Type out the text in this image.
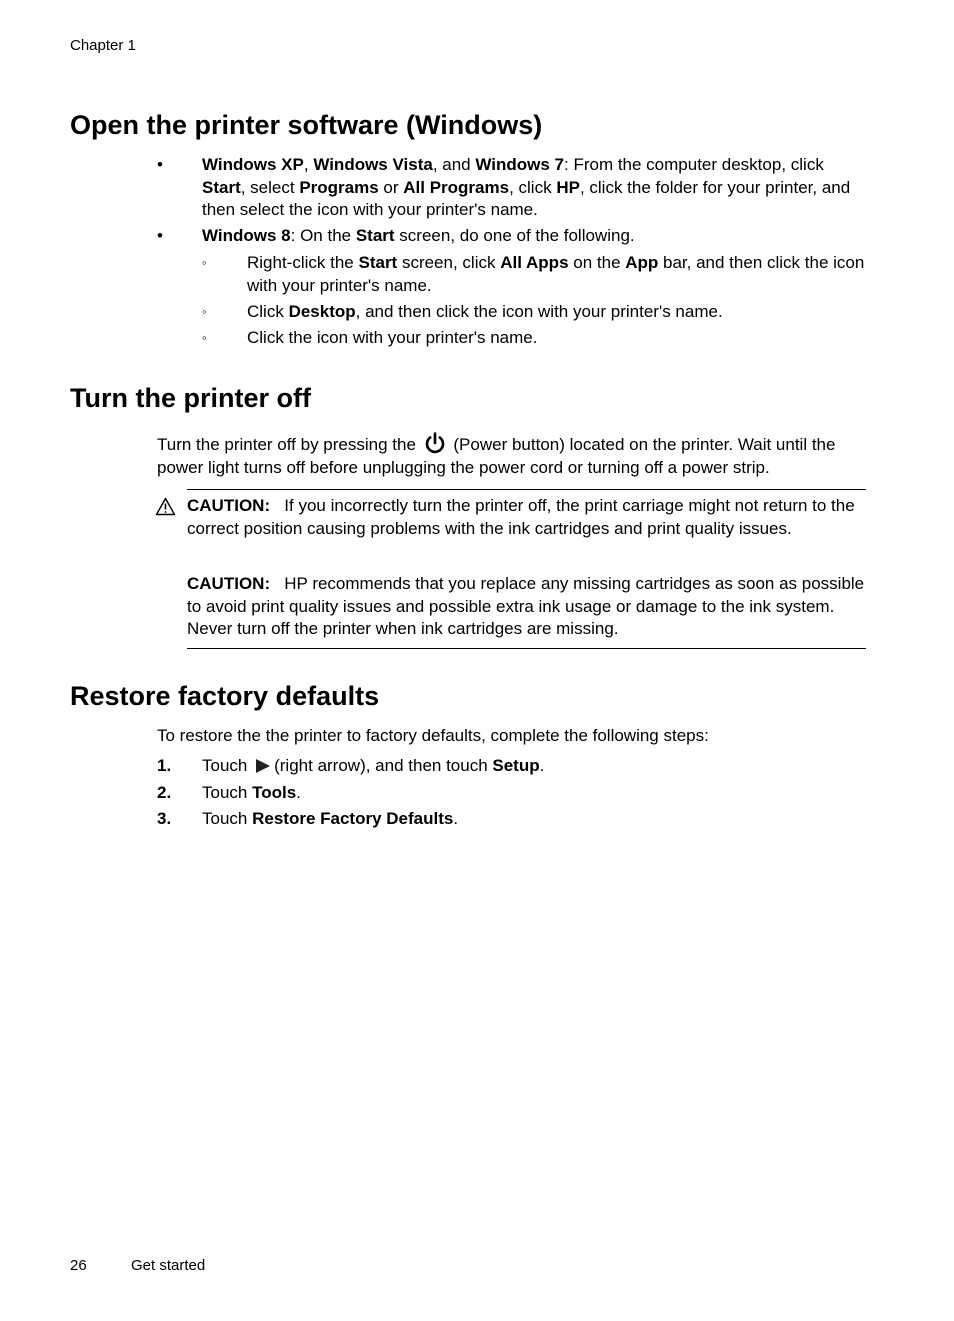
Chapter 1
Open the printer software (Windows)
• Windows XP, Windows Vista, and Windows 7: From the computer desktop, click Start, select Programs or All Programs, click HP, click the folder for your printer, and then select the icon with your printer's name.
• Windows 8: On the Start screen, do one of the following.
◦ Right-click the Start screen, click All Apps on the App bar, and then click the icon with your printer's name.
◦ Click Desktop, and then click the icon with your printer's name.
◦ Click the icon with your printer's name.
Turn the printer off
Turn the printer off by pressing the (Power button) located on the printer. Wait until the power light turns off before unplugging the power cord or turning off a power strip.
CAUTION: If you incorrectly turn the printer off, the print carriage might not return to the correct position causing problems with the ink cartridges and print quality issues.
CAUTION: HP recommends that you replace any missing cartridges as soon as possible to avoid print quality issues and possible extra ink usage or damage to the ink system. Never turn off the printer when ink cartridges are missing.
Restore factory defaults
To restore the the printer to factory defaults, complete the following steps:
1. Touch (right arrow), and then touch Setup.
2. Touch Tools.
3. Touch Restore Factory Defaults.
26	Get started
